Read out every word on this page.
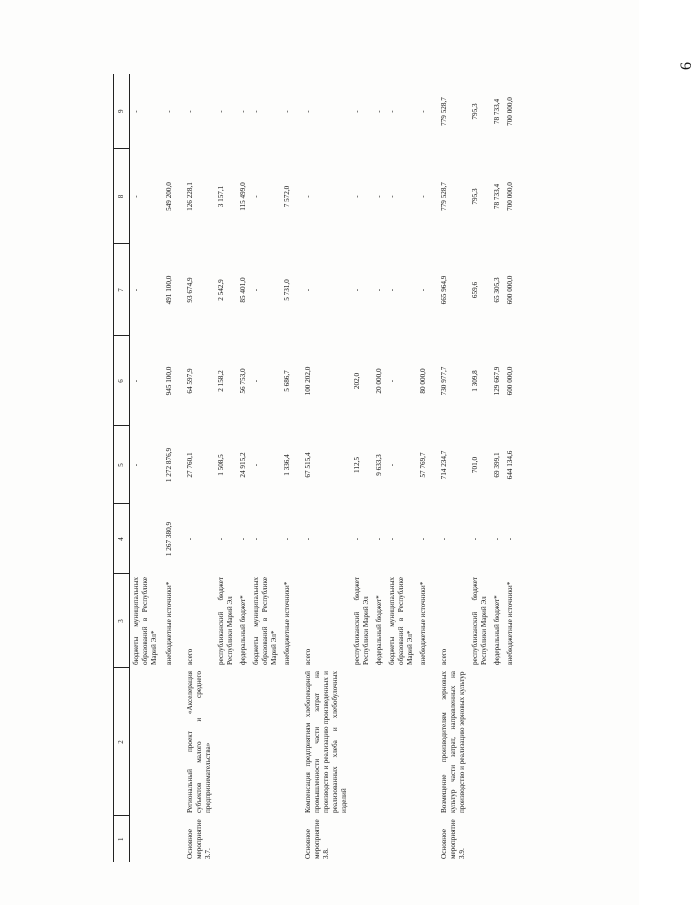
6
1	2	3	4	5	6	7	8	9
		бюджеты муниципальных образований в Республике Марий Эл*		-	-	-	-	-
		внебюджетные источники*	1 267 380,9	1 272 876,9	945 100,0	491 100,0	549 200,0	-
Основное мероприятие 3.7.	Региональный проект «Акселерация субъектов малого и среднего предпринимательства»	всего	-	27 760,1	64 597,9	93 674,9	126 228,1	-
		республиканский бюджет Республики Марий Эл	-	1 508,5	2 158,2	2 542,9	3 157,1	-
		федеральный бюджет*	-	24 915,2	56 753,0	85 401,0	115 499,0	-
		бюджеты муниципальных образований в Республике Марий Эл*	-	-	-	-	-	-
		внебюджетные источники*	-	1 336,4	5 686,7	5 731,0	7 572,0	-
Основное мероприятие 3.8.	Компенсация предприятиям хлебопекарной промышленности части затрат на производство и реализацию произведенных и реализованных хлеба и хлебобулочных изделий	всего	-	67 515,4	100 202,0	-	-	-
		республиканский бюджет Республики Марий Эл	-	112,5	202,0	-	-	-
		федеральный бюджет*	-	9 633,3	20 000,0	-	-	-
		бюджеты муниципальных образований в Республике Марий Эл*	-	-	-	-	-	-
		внебюджетные источники*	-	57 769,7	80 000,0	-	-	-
Основное мероприятие 3.9.	Возмещение производителям зерновых культур части затрат, направленных на производство и реализацию зерновых культур	всего	-	714 234,7	730 977,7	665 964,9	779 528,7	779 528,7
		республиканский бюджет Республики Марий Эл	-	701,0	1 309,8	659,6	795,3	795,3
		федеральный бюджет*	-	69 399,1	129 667,9	65 305,3	78 733,4	78 733,4
		внебюджетные источники*	-	644 134,6	600 000,0	600 000,0	700 000,0	700 000,0
